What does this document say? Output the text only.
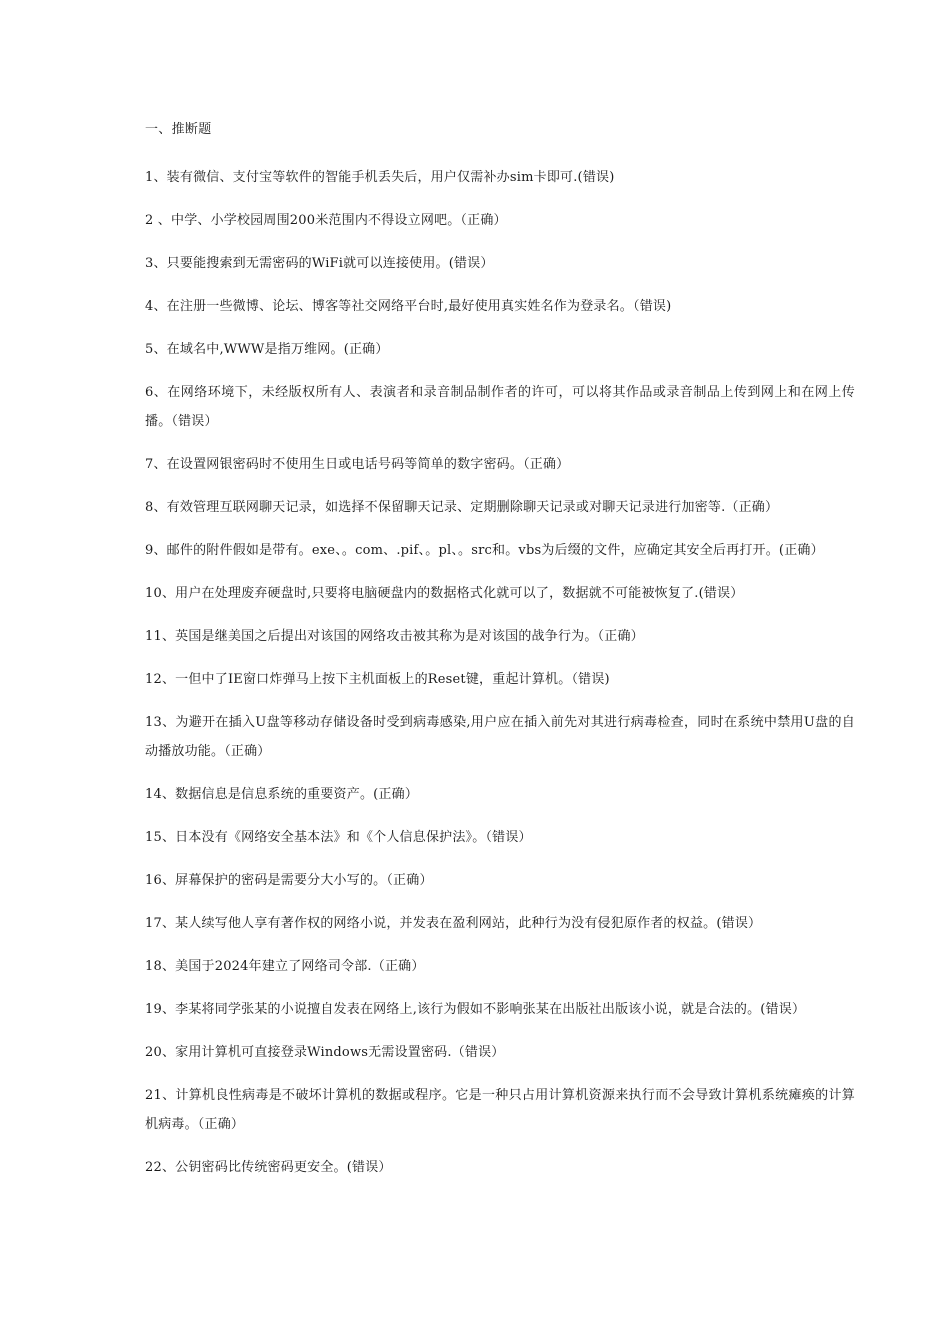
一、推断题

1、装有微信、支付宝等软件的智能手机丢失后，用户仅需补办sim卡即可.(错误)

2 、中学、小学校园周围200米范围内不得设立网吧。（正确）

3、只要能搜索到无需密码的WiFi就可以连接使用。(错误）

4、在注册一些微博、论坛、博客等社交网络平台时,最好使用真实姓名作为登录名。（错误)

5、在域名中,WWW是指万维网。(正确）

6、在网络环境下，未经版权所有人、表演者和录音制品制作者的许可，可以将其作品或录音制品上传到网上和在网上传播。（错误）

7、在设置网银密码时不使用生日或电话号码等简单的数字密码。（正确）

8、有效管理互联网聊天记录，如选择不保留聊天记录、定期删除聊天记录或对聊天记录进行加密等.（正确）

9、邮件的附件假如是带有。exe、。com、.pif、。pl、。src和。vbs为后缀的文件，应确定其安全后再打开。(正确）

10、用户在处理废弃硬盘时,只要将电脑硬盘内的数据格式化就可以了，数据就不可能被恢复了.(错误）

11、英国是继美国之后提出对该国的网络攻击被其称为是对该国的战争行为。（正确）

12、一但中了IE窗口炸弹马上按下主机面板上的Reset键，重起计算机。（错误)

13、为避开在插入U盘等移动存储设备时受到病毒感染,用户应在插入前先对其进行病毒检查，同时在系统中禁用U盘的自动播放功能。（正确）

14、数据信息是信息系统的重要资产。(正确）

15、日本没有《网络安全基本法》和《个人信息保护法》。（错误）

16、屏幕保护的密码是需要分大小写的。（正确）

17、某人续写他人享有著作权的网络小说，并发表在盈利网站，此种行为没有侵犯原作者的权益。(错误）

18、美国于2024年建立了网络司令部.（正确）

19、李某将同学张某的小说擅自发表在网络上,该行为假如不影响张某在出版社出版该小说，就是合法的。(错误）

20、家用计算机可直接登录Windows无需设置密码.（错误）

21、计算机良性病毒是不破坏计算机的数据或程序。它是一种只占用计算机资源来执行而不会导致计算机系统瘫痪的计算机病毒。（正确）

22、公钥密码比传统密码更安全。(错误）
